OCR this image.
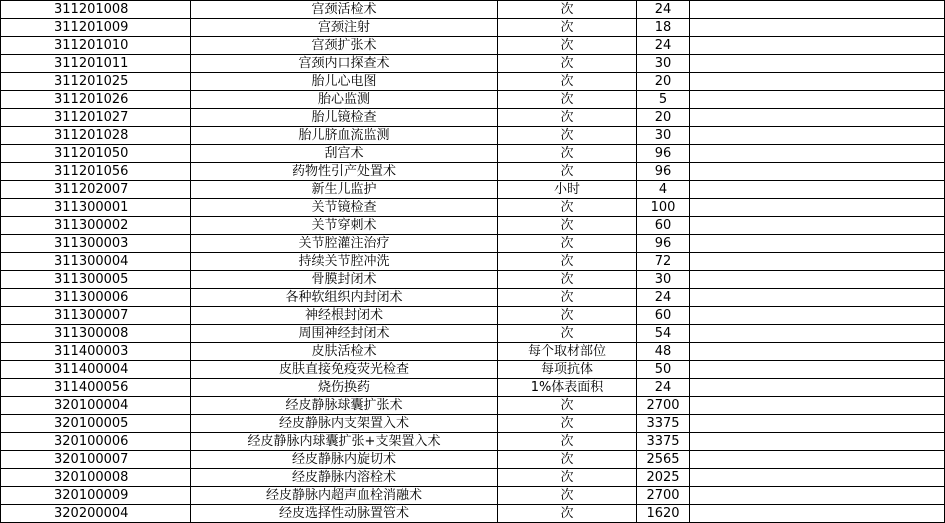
311201008	宫颈活检术	次	24	
311201009	宫颈注射	次	18	
311201010	宫颈扩张术	次	24	
311201011	宫颈内口探查术	次	30	
311201025	胎儿心电图	次	20	
311201026	胎心监测	次	5	
311201027	胎儿镜检查	次	20	
311201028	胎儿脐血流监测	次	30	
311201050	刮宫术	次	96	
311201056	药物性引产处置术	次	96	
311202007	新生儿监护	小时	4	
311300001	关节镜检查	次	100	
311300002	关节穿刺术	次	60	
311300003	关节腔灌注治疗	次	96	
311300004	持续关节腔冲洗	次	72	
311300005	骨膜封闭术	次	30	
311300006	各种软组织内封闭术	次	24	
311300007	神经根封闭术	次	60	
311300008	周围神经封闭术	次	54	
311400003	皮肤活检术	每个取材部位	48	
311400004	皮肤直接免疫荧光检查	每项抗体	50	
311400056	烧伤换药	1%体表面积	24	
320100004	经皮静脉球囊扩张术	次	2700	
320100005	经皮静脉内支架置入术	次	3375	
320100006	经皮静脉内球囊扩张+支架置入术	次	3375	
320100007	经皮静脉内旋切术	次	2565	
320100008	经皮静脉内溶栓术	次	2025	
320100009	经皮静脉内超声血栓消融术	次	2700	
320200004	经皮选择性动脉置管术	次	1620	
